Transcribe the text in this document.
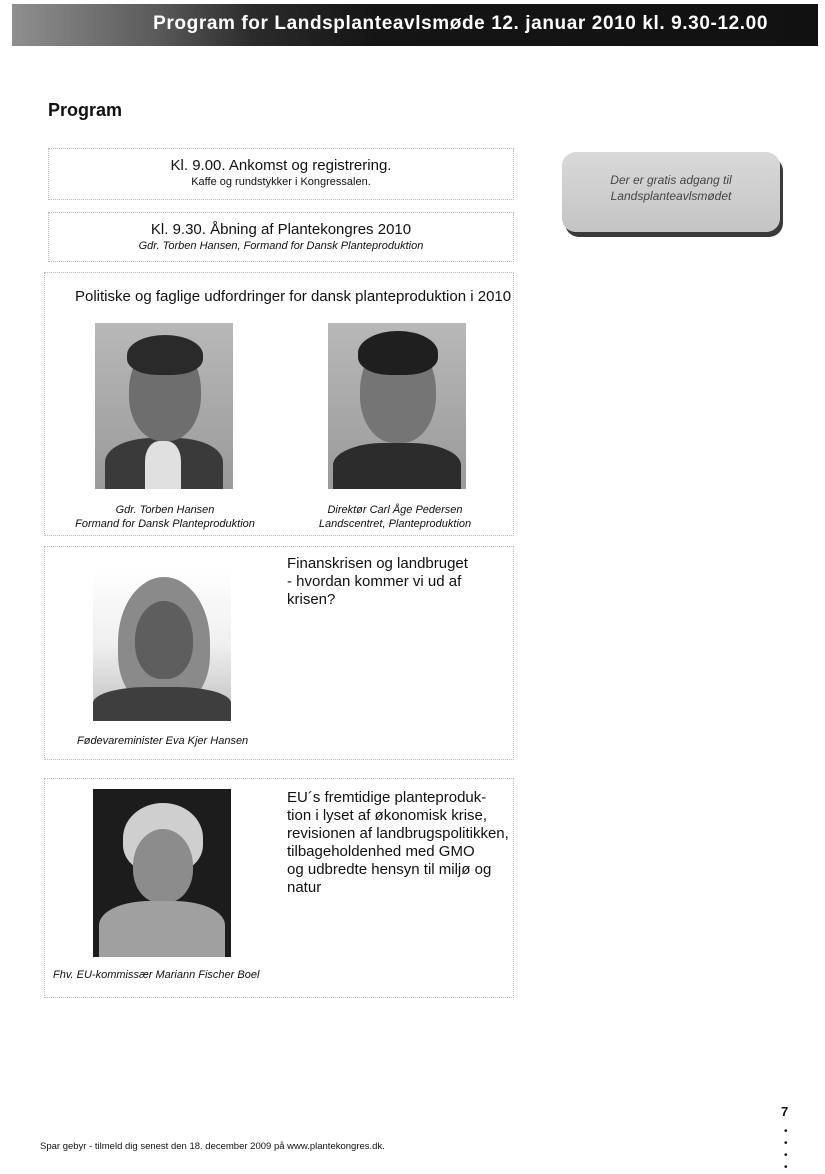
Program for Landsplanteavlsmøde 12. januar 2010 kl. 9.30-12.00
Program
Kl. 9.00. Ankomst og registrering.
Kaffe og rundstykker i Kongressalen.
Kl. 9.30. Åbning af Plantekongres 2010
Gdr. Torben Hansen, Formand for Dansk Planteproduktion
Der er gratis adgang til
Landsplanteavlsmødet
Politiske og faglige udfordringer for dansk planteproduktion i 2010
Gdr. Torben Hansen
Formand for Dansk Planteproduktion
Direktør Carl Åge Pedersen
Landscentret, Planteproduktion
Fødevareminister Eva Kjer Hansen
Finanskrisen og landbruget
- hvordan kommer vi ud af krisen?
Fhv. EU-kommissær Mariann Fischer Boel
EU´s fremtidige planteproduk-
tion i lyset af økonomisk krise,
revisionen af landbrugspolitikken,
tilbageholdenhed med GMO
og udbredte hensyn til miljø og
natur
Spar gebyr - tilmeld dig senest den 18. december 2009 på www.plantekongres.dk.
7
•
•
•
•
